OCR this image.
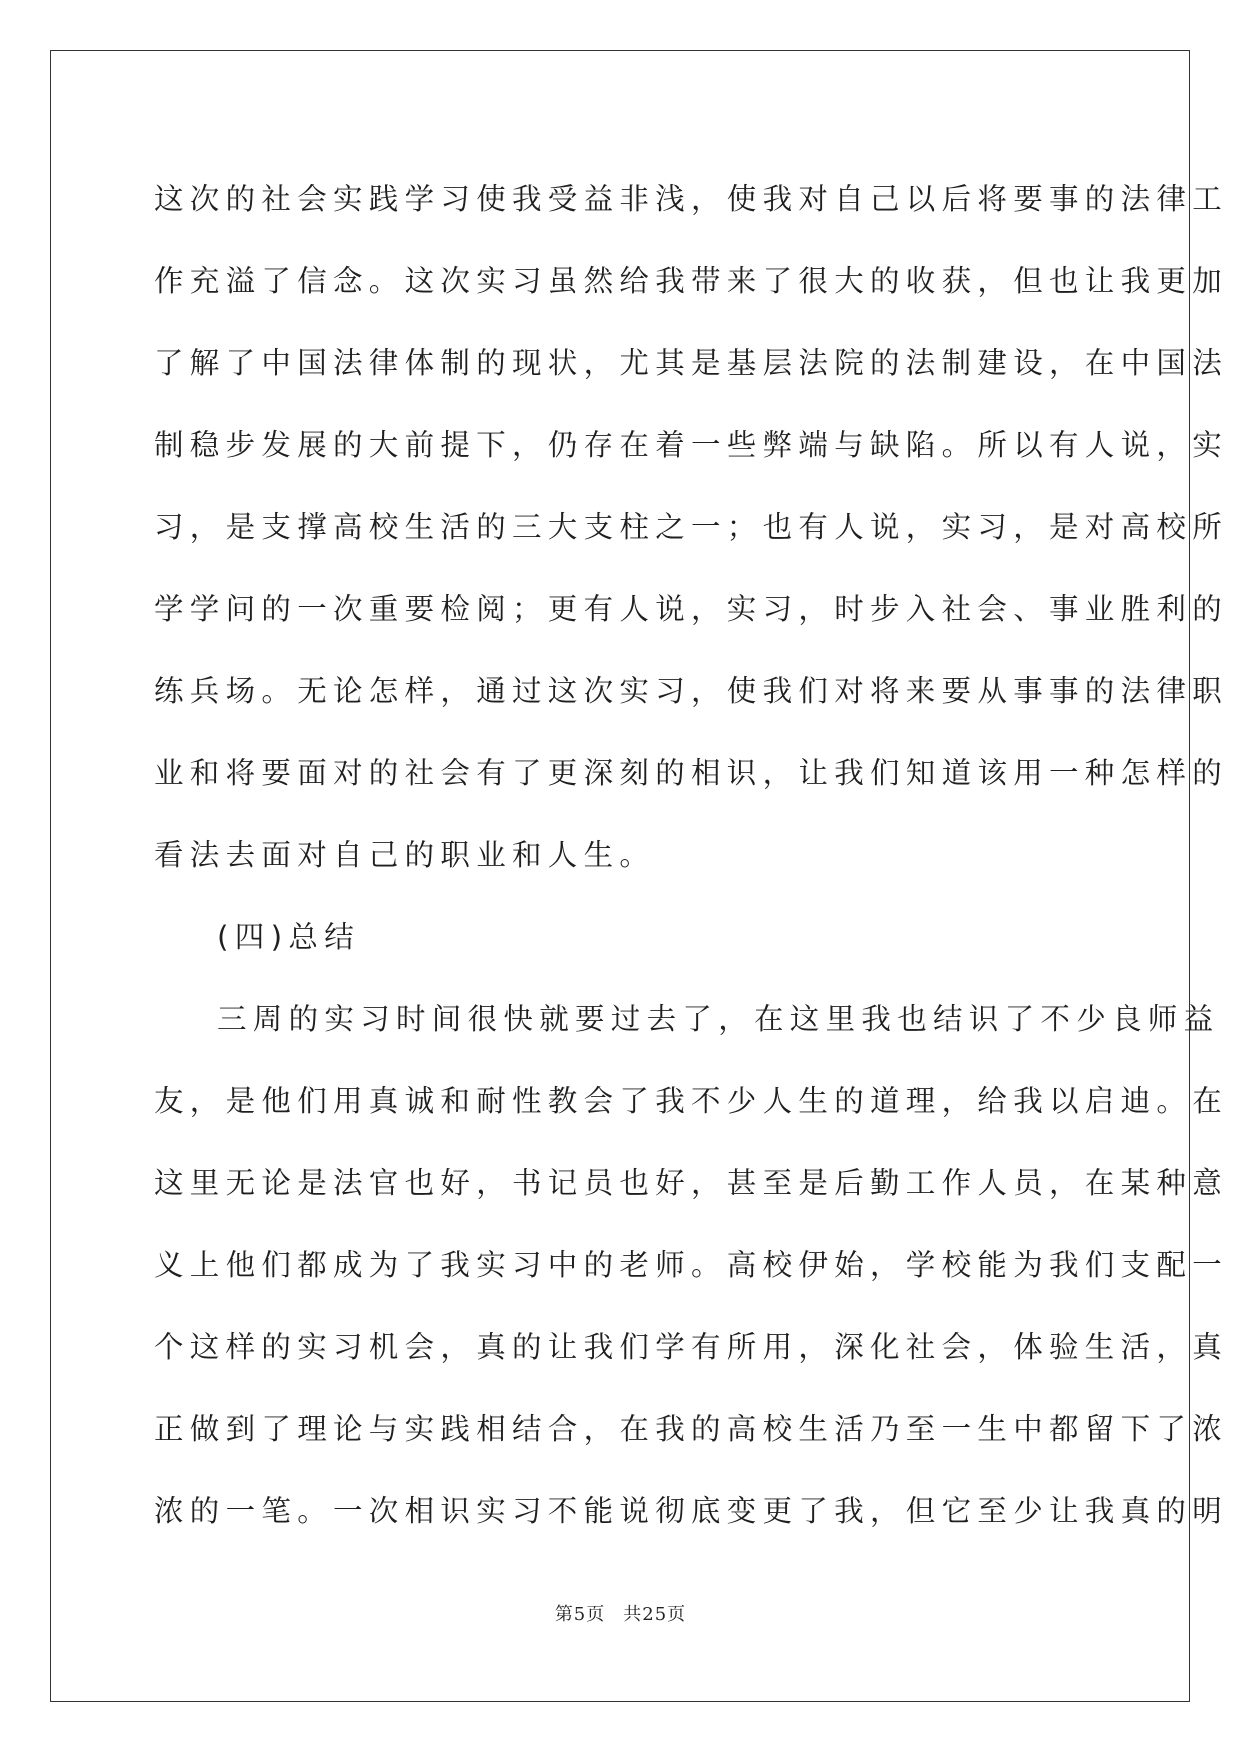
这次的社会实践学习使我受益非浅，使我对自己以后将要事的法律工
作充溢了信念。这次实习虽然给我带来了很大的收获，但也让我更加
了解了中国法律体制的现状，尤其是基层法院的法制建设，在中国法
制稳步发展的大前提下，仍存在着一些弊端与缺陷。所以有人说，实
习，是支撑高校生活的三大支柱之一；也有人说，实习，是对高校所
学学问的一次重要检阅；更有人说，实习，时步入社会、事业胜利的
练兵场。无论怎样，通过这次实习，使我们对将来要从事事的法律职
业和将要面对的社会有了更深刻的相识，让我们知道该用一种怎样的
看法去面对自己的职业和人生。
(四)总结
三周的实习时间很快就要过去了，在这里我也结识了不少良师益
友，是他们用真诚和耐性教会了我不少人生的道理，给我以启迪。在
这里无论是法官也好，书记员也好，甚至是后勤工作人员，在某种意
义上他们都成为了我实习中的老师。高校伊始，学校能为我们支配一
个这样的实习机会，真的让我们学有所用，深化社会，体验生活，真
正做到了理论与实践相结合，在我的高校生活乃至一生中都留下了浓
浓的一笔。一次相识实习不能说彻底变更了我，但它至少让我真的明
第5页 共25页
